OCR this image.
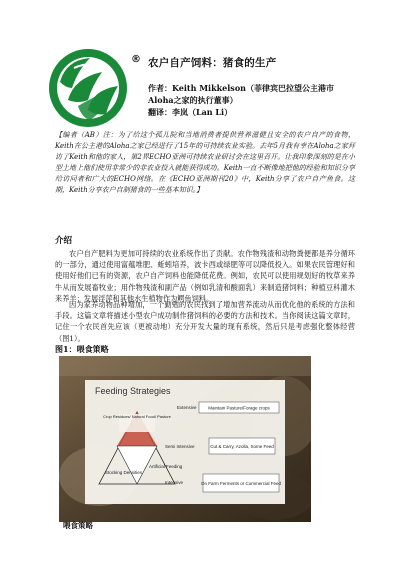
® 农户自产饲料：猪食的生产
作者：Keith Mikkelson（菲律宾巴拉望公主港市
Aloha之家的执行董事）
翻译：李岚（Lan Li）
【编者（AB）注：为了给这个孤儿院和当地消费者提供营养滋健且安全的农户自产的食物，Keith在公主港的Aloha之家已经进行了15年的可持续农业实验。去年5月我有幸在Aloha之家拜访了Keith和他的家人，第2界ECHO亚洲可持续农业研讨会在这里召开。让我印象深刻的是在小型土地上他们使用非常少的非农业投入就能获得成功。Keith一直不断像地把他的经验和知识分享给访问者和广大的ECHO网络。在《ECHO亚洲期刊20》中，Keith分享了农户自产鱼食。这期，Keith分享农户自制猪食的一些基本知识。】
介绍
农户自产肥料为更加可持续的农业系统作出了贡献。农作物残渣和动物粪便都是养分循环的一部分，通过使用富蕴堆肥、蚯蚓培养，波卡西或绿肥等可以降低投入。如果农民管理好和使用好他们已有的资源，农户自产饲料也能降低花费。例如，农民可以使用规划好的牧草来养牛从而发展畜牧业；用作物残渣和副产品（例如乳清和酸面乳）来制造猪饲料；种植豆科灌木来养羊；发展浮萍和其他水生植物作为鳄鱼饲料。
因为家养动物品种增加，一个勤勉的农民找到了增加营养流动从而优化他的系统的方法和手段。这篇文章将描述小型农户成功制作猪饲料的必要的方法和技术。当你阅读这篇文章时，记住一个农民首先应该（更被动地）充分开发大量的现有系统，然后只是考虑强化整体经营（图1）。
图1：喂食策略
Feeding Strategies
Crop Residues/ Natural Food/ Pasture
Stocking Densities
Artificial Feeding
Extensive	Maintain Pasture/Forage crops
Semi Intensive	Cut & Carry, Azolla, Some Feed
Intensive	On Farm Ferments or Commercial Feed
喂食策略
